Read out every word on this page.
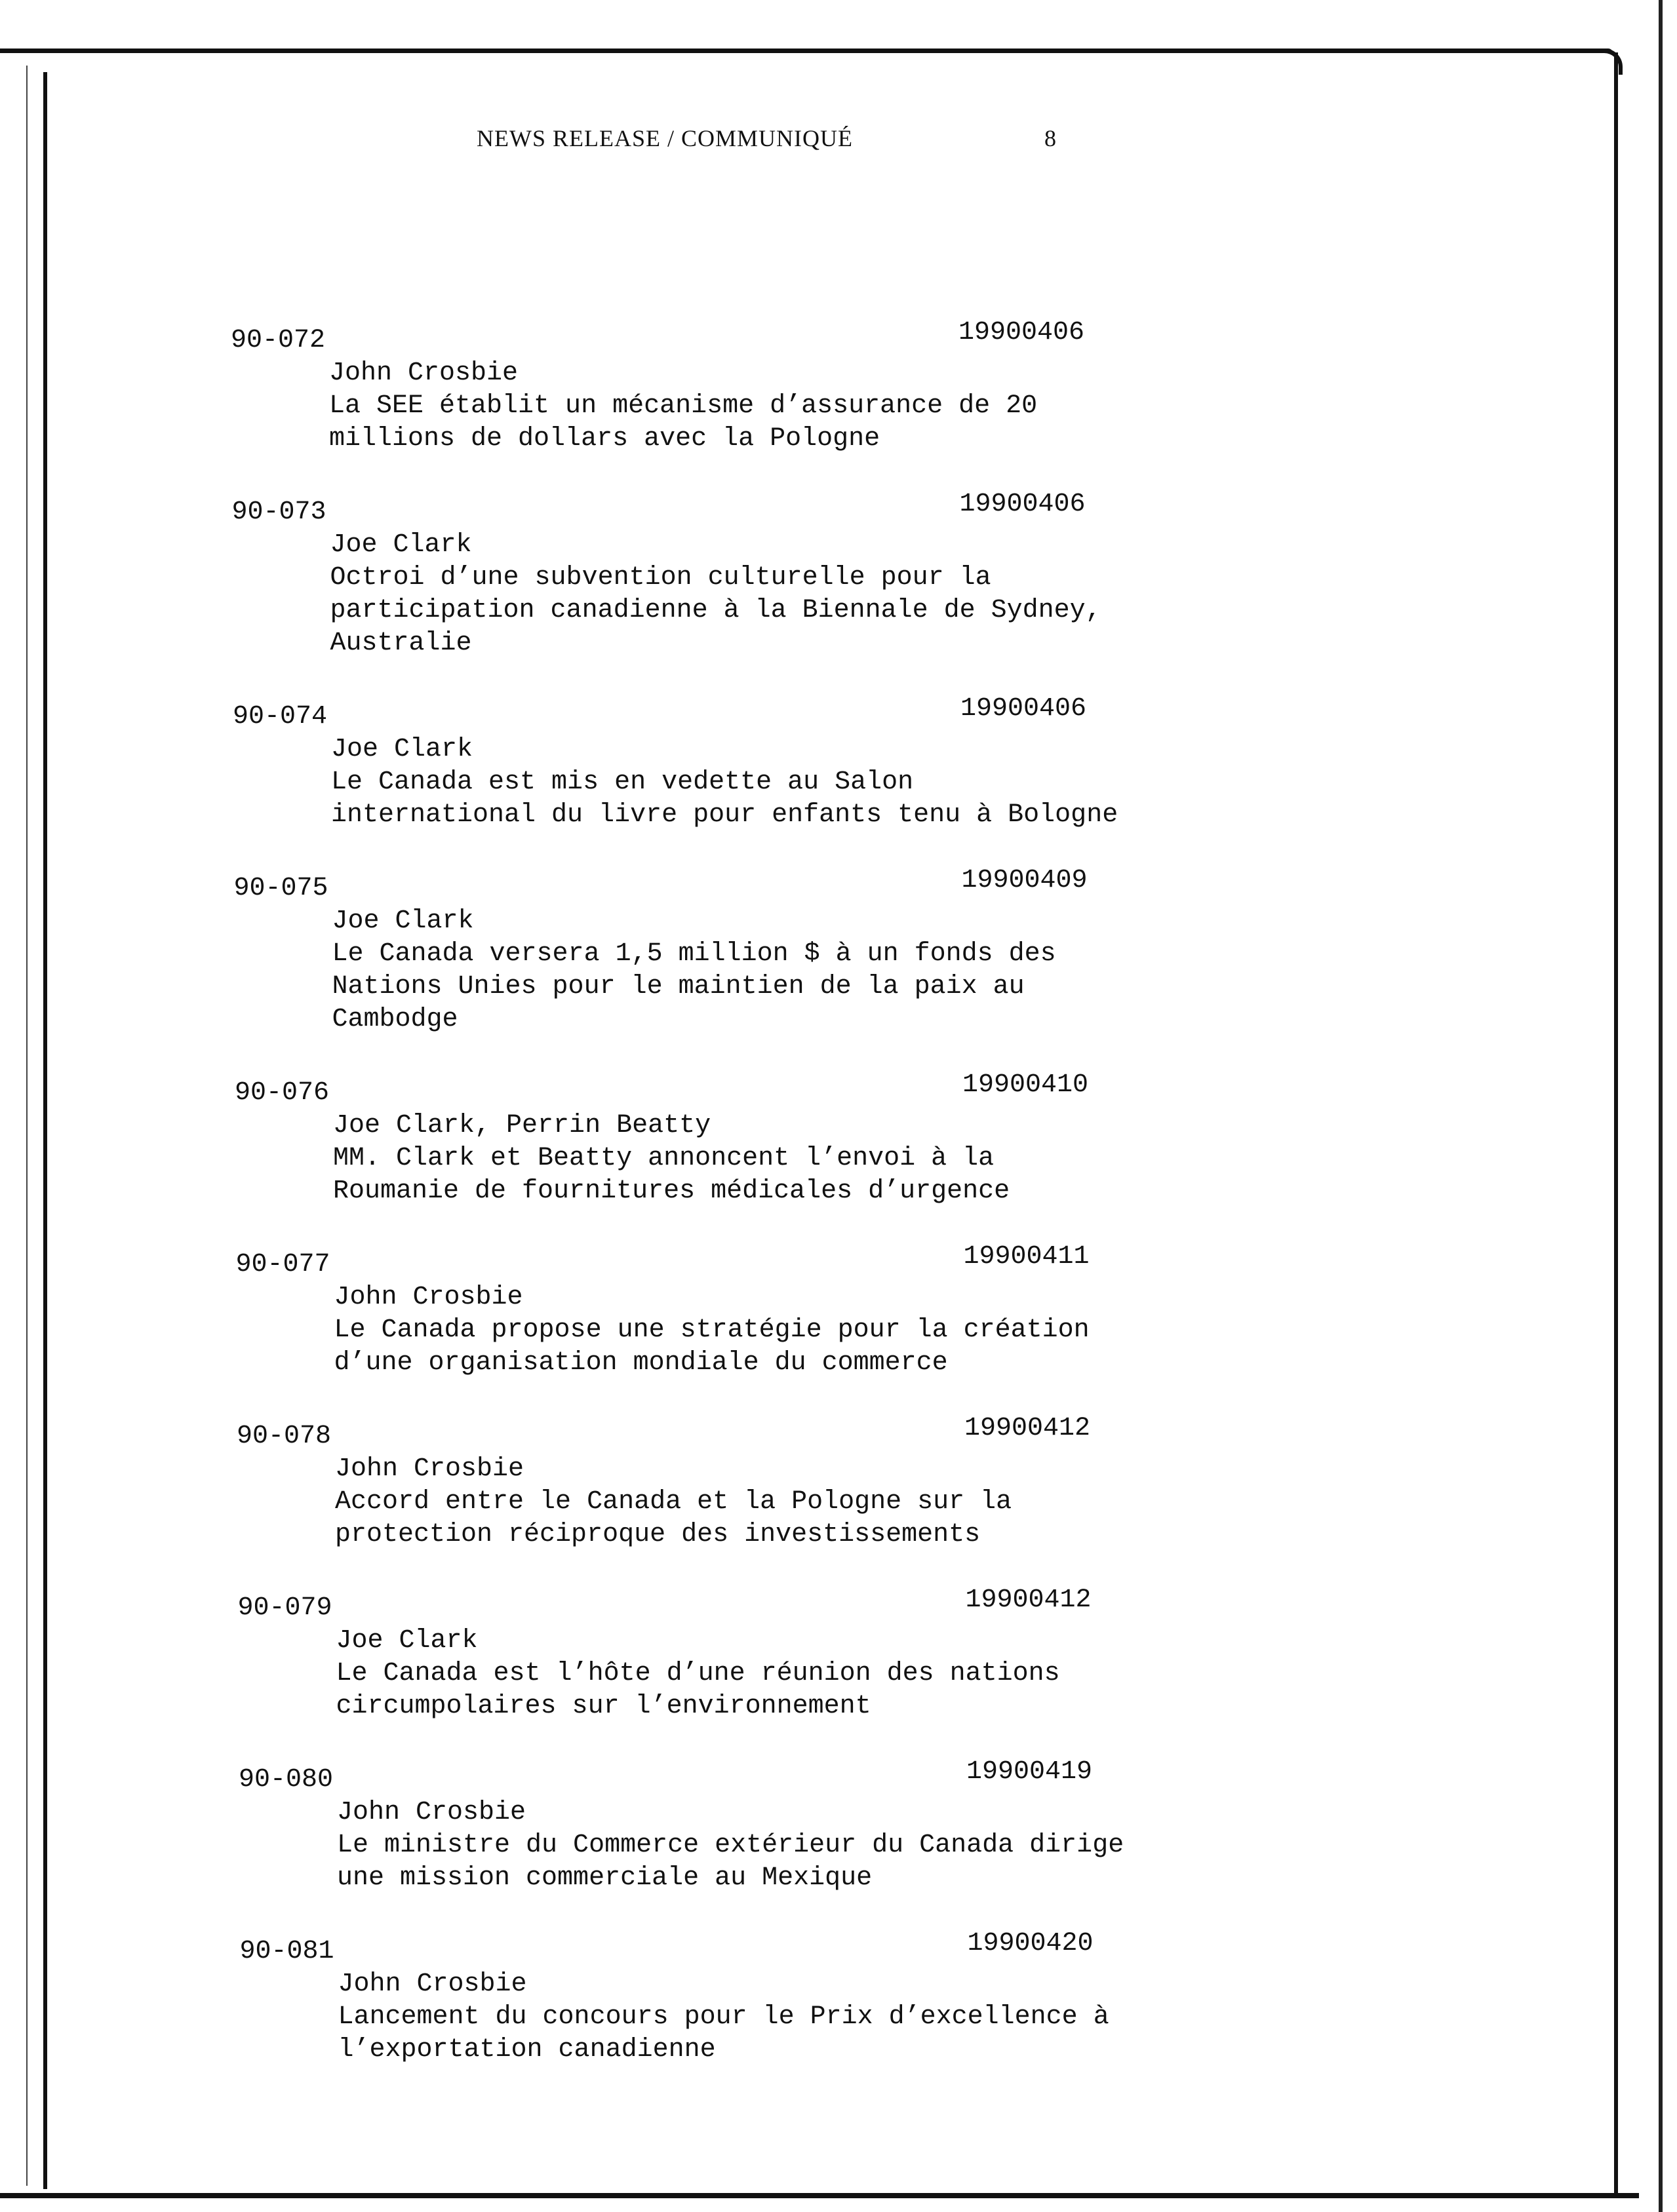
NEWS RELEASE / COMMUNIQUÉ	8
90-072	19900406
John Crosbie
La SEE établit un mécanisme d’assurance de 20
millions de dollars avec la Pologne
90-073	19900406
Joe Clark
Octroi d’une subvention culturelle pour la
participation canadienne à la Biennale de Sydney,
Australie
90-074	19900406
Joe Clark
Le Canada est mis en vedette au Salon
international du livre pour enfants tenu à Bologne
90-075	19900409
Joe Clark
Le Canada versera 1,5 million $ à un fonds des
Nations Unies pour le maintien de la paix au
Cambodge
90-076	19900410
Joe Clark, Perrin Beatty
MM. Clark et Beatty annoncent l’envoi à la
Roumanie de fournitures médicales d’urgence
90-077	19900411
John Crosbie
Le Canada propose une stratégie pour la création
d’une organisation mondiale du commerce
90-078	19900412
John Crosbie
Accord entre le Canada et la Pologne sur la
protection réciproque des investissements
90-079	19900412
Joe Clark
Le Canada est l’hôte d’une réunion des nations
circumpolaires sur l’environnement
90-080	19900419
John Crosbie
Le ministre du Commerce extérieur du Canada dirige
une mission commerciale au Mexique
90-081	19900420
John Crosbie
Lancement du concours pour le Prix d’excellence à
l’exportation canadienne
